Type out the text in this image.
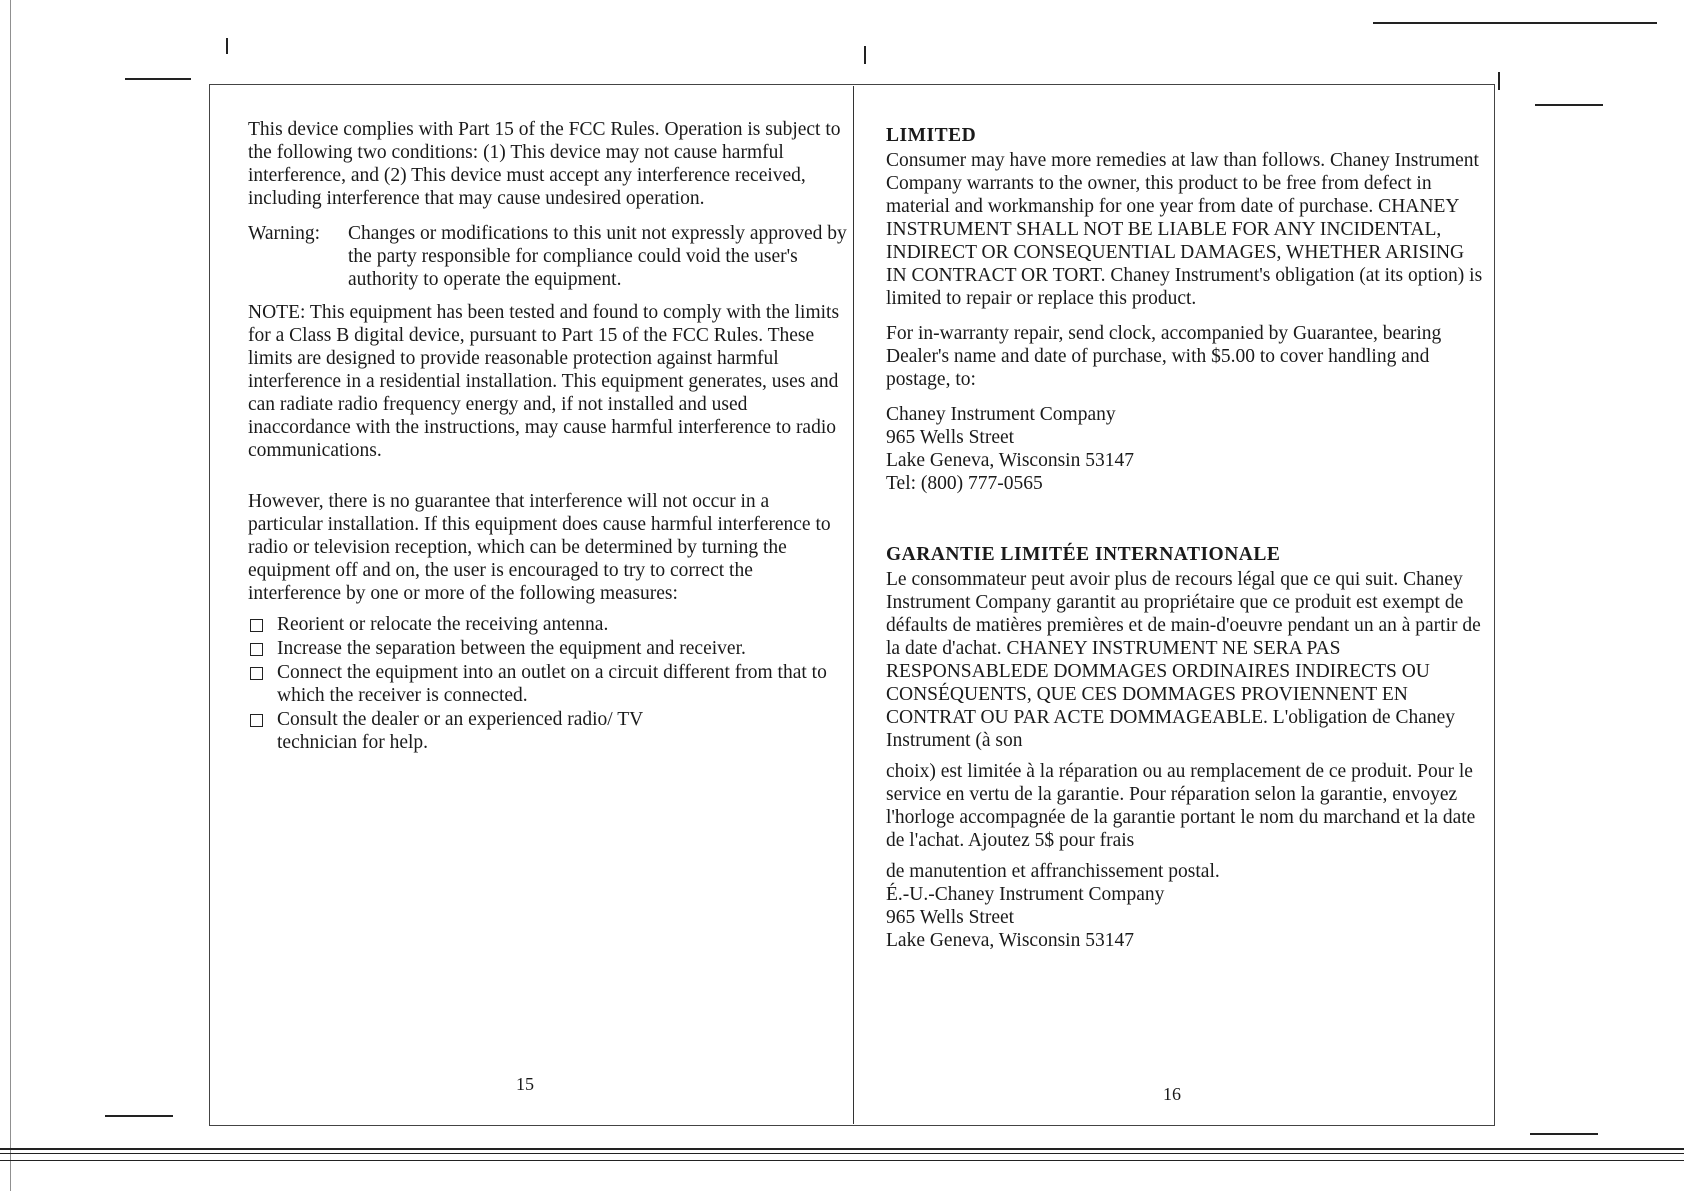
This device complies with Part 15 of the FCC Rules. Operation is subject to the following two conditions: (1) This device may not cause harmful interference, and (2) This device must accept any interference received, including interference that may cause undesired operation.

Warning:	Changes or modifications to this unit not expressly approved by the party responsible for compliance could void the user's authority to operate the equipment.

NOTE: This equipment has been tested and found to comply with the limits for a Class B digital device, pursuant to Part 15 of the FCC Rules. These limits are designed to provide reasonable protection against harmful interference in a residential installation. This equipment generates, uses and can radiate radio frequency energy and, if not installed and used inaccordance with the instructions, may cause harmful interference to radio communications.

However, there is no guarantee that interference will not occur in a particular installation. If this equipment does cause harmful interference to radio or television reception, which can be determined by turning the equipment off and on, the user is encouraged to try to correct the interference by one or more of the following measures:

Reorient or relocate the receiving antenna.
Increase the separation between the equipment and receiver.
Connect the equipment into an outlet on a circuit different from that to which the receiver is connected.
Consult the dealer or an experienced radio/ TV technician for help.
15
LIMITED

Consumer may have more remedies at law than follows. Chaney Instrument Company warrants to the owner, this product to be free from defect in material and workmanship for one year from date of purchase. CHANEY INSTRUMENT SHALL NOT BE LIABLE FOR ANY INCIDENTAL, INDIRECT OR CONSEQUENTIAL DAMAGES, WHETHER ARISING IN CONTRACT OR TORT. Chaney Instrument's obligation (at its option) is limited to repair or replace this product.

For in-warranty repair, send clock, accompanied by Guarantee, bearing Dealer's name and date of purchase, with $5.00 to cover handling and postage, to:

Chaney Instrument Company
965 Wells Street
Lake Geneva, Wisconsin 53147
Tel: (800) 777-0565
GARANTIE LIMITÉE INTERNATIONALE

Le consommateur peut avoir plus de recours légal que ce qui suit. Chaney Instrument Company garantit au propriétaire que ce produit est exempt de défaults de matières premières et de main-d'oeuvre pendant un an à partir de la date d'achat. CHANEY INSTRUMENT NE SERA PAS RESPONSABLEDE DOMMAGES ORDINAIRES INDIRECTS OU CONSÉQUENTS, QUE CES DOMMAGES PROVIENNENT EN CONTRAT OU PAR ACTE DOMMAGEABLE. L'obligation de Chaney Instrument (à son

choix) est limitée à la réparation ou au remplacement de ce produit. Pour le service en vertu de la garantie. Pour réparation selon la garantie, envoyez l'horloge accompagnée de la garantie portant le nom du marchand et la date de l'achat. Ajoutez 5$ pour frais

de manutention et affranchissement postal.

É.-U.-Chaney Instrument Company
965 Wells Street
Lake Geneva, Wisconsin 53147
16
